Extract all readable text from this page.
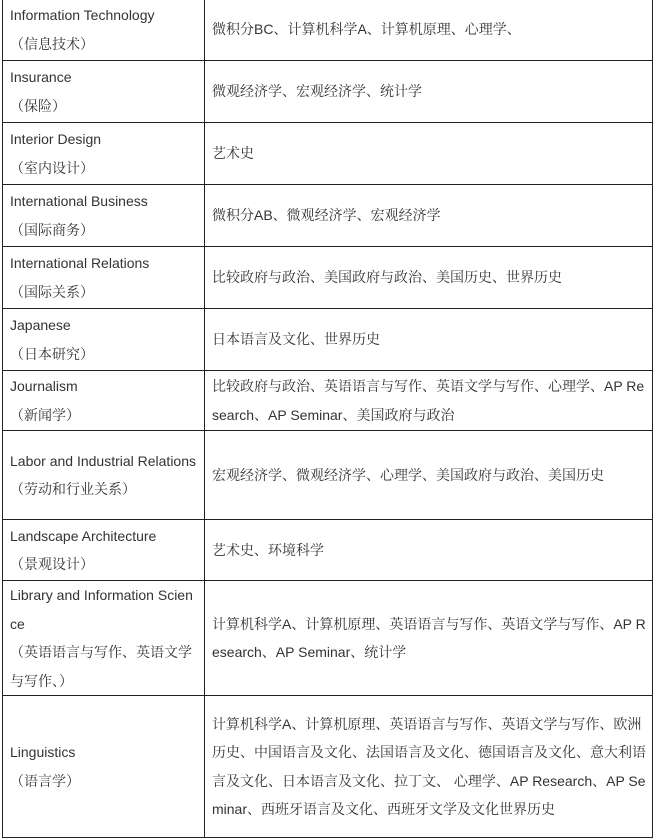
Information Technology
（信息技术）	微积分BC、计算机科学A、计算机原理、心理学、
Insurance
（保险）	微观经济学、宏观经济学、统计学
Interior Design
（室内设计）	艺术史
International Business
（国际商务）	微积分AB、微观经济学、宏观经济学
International Relations
（国际关系）	比较政府与政治、美国政府与政治、美国历史、世界历史
Japanese
（日本研究）	日本语言及文化、世界历史
Journalism
（新闻学）	比较政府与政治、英语语言与写作、英语文学与写作、心理学、AP Research、AP Seminar、美国政府与政治
Labor and Industrial Relations
（劳动和行业关系）	宏观经济学、微观经济学、心理学、美国政府与政治、美国历史
Landscape Architecture
（景观设计）	艺术史、环境科学
Library and Information Science
（英语语言与写作、英语文学与写作、）	计算机科学A、计算机原理、英语语言与写作、英语文学与写作、AP Research、AP Seminar、统计学
Linguistics
（语言学）	计算机科学A、计算机原理、英语语言与写作、英语文学与写作、欧洲历史、中国语言及文化、法国语言及文化、德国语言及文化、意大利语言及文化、日本语言及文化、拉丁文、 心理学、AP Research、AP Seminar、西班牙语言及文化、西班牙文学及文化世界历史
